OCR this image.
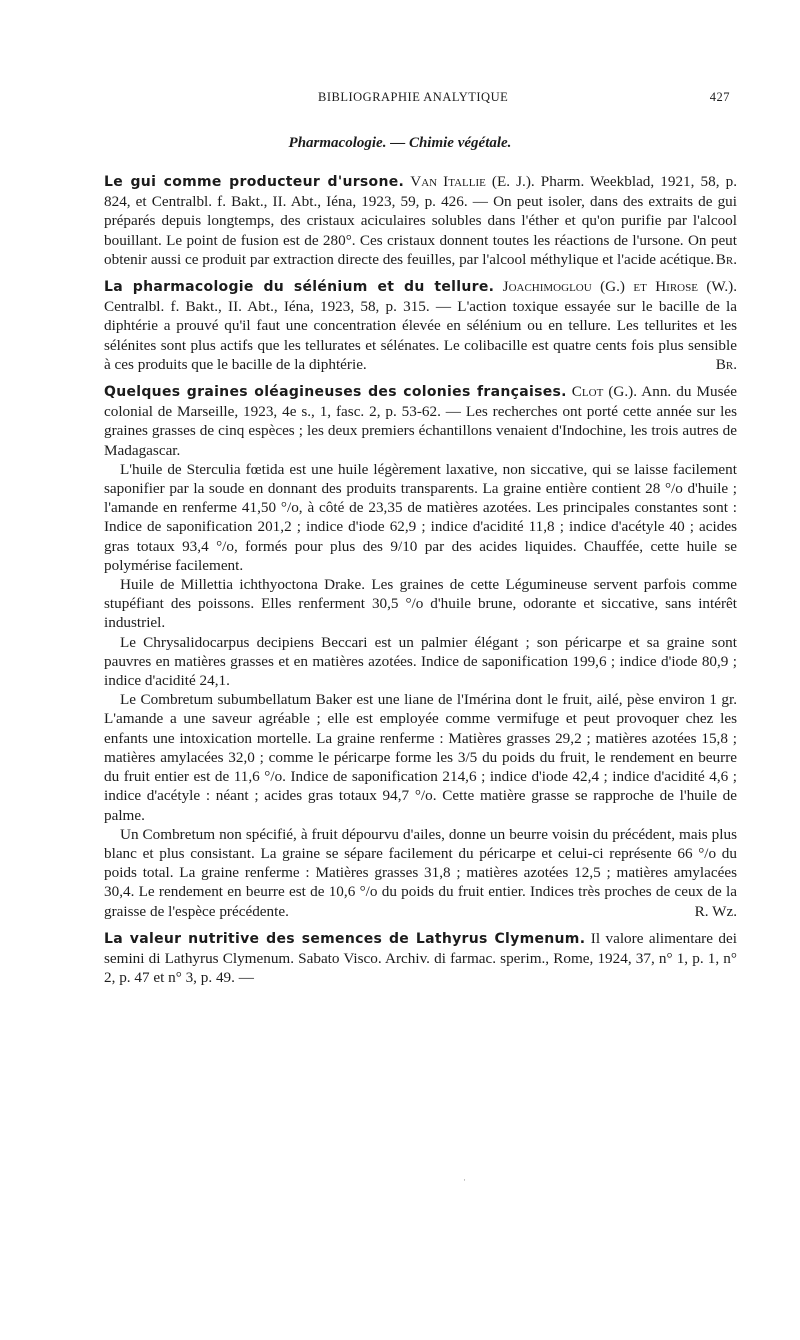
BIBLIOGRAPHIE ANALYTIQUE	427
Pharmacologie. — Chimie végétale.

Le gui comme producteur d'ursone. Van Itallie (E. J.). Pharm. Weekblad, 1921, 58, p. 824, et Centralbl. f. Bakt., II. Abt., Iéna, 1923, 59, p. 426. — On peut isoler, dans des extraits de gui préparés depuis longtemps, des cristaux aciculaires solubles dans l'éther et qu'on purifie par l'alcool bouillant. Le point de fusion est de 280°. Ces cristaux donnent toutes les réactions de l'ursone. On peut obtenir aussi ce produit par extraction directe des feuilles, par l'alcool méthylique et l'acide acétique. Br.

La pharmacologie du sélénium et du tellure. Joachimoglou (G.) et Hirose (W.). Centralbl. f. Bakt., II. Abt., Iéna, 1923, 58, p. 315. — L'action toxique essayée sur le bacille de la diphtérie a prouvé qu'il faut une concentration élevée en sélénium ou en tellure. Les tellurites et les sélénites sont plus actifs que les tellurates et sélénates. Le colibacille est quatre cents fois plus sensible à ces produits que le bacille de la diphtérie.	Br.

Quelques graines oléagineuses des colonies françaises. Clot (G.). Ann. du Musée colonial de Marseille, 1923, 4e s., 1, fasc. 2, p. 53-62. — Les recherches ont porté cette année sur les graines grasses de cinq espèces ; les deux premiers échantillons venaient d'Indochine, les trois autres de Madagascar.

L'huile de Sterculia fœtida est une huile légèrement laxative, non siccative, qui se laisse facilement saponifier par la soude en donnant des produits transparents. La graine entière contient 28 °/o d'huile ; l'amande en renferme 41,50 °/o, à côté de 23,35 de matières azotées. Les principales constantes sont : Indice de saponification 201,2 ; indice d'iode 62,9 ; indice d'acidité 11,8 ; indice d'acétyle 40 ; acides gras totaux 93,4 °/o, formés pour plus des 9/10 par des acides liquides. Chauffée, cette huile se polymérise facilement.

Huile de Millettia ichthyoctona Drake. Les graines de cette Légumineuse servent parfois comme stupéfiant des poissons. Elles renferment 30,5 °/o d'huile brune, odorante et siccative, sans intérêt industriel.

Le Chrysalidocarpus decipiens Beccari est un palmier élégant ; son péricarpe et sa graine sont pauvres en matières grasses et en matières azotées. Indice de saponification 199,6 ; indice d'iode 80,9 ; indice d'acidité 24,1.

Le Combretum subumbellatum Baker est une liane de l'Imérina dont le fruit, ailé, pèse environ 1 gr. L'amande a une saveur agréable ; elle est employée comme vermifuge et peut provoquer chez les enfants une intoxication mortelle. La graine renferme : Matières grasses 29,2 ; matières azotées 15,8 ; matières amylacées 32,0 ; comme le péricarpe forme les 3/5 du poids du fruit, le rendement en beurre du fruit entier est de 11,6 °/o. Indice de saponification 214,6 ; indice d'iode 42,4 ; indice d'acidité 4,6 ; indice d'acétyle : néant ; acides gras totaux 94,7 °/o. Cette matière grasse se rapproche de l'huile de palme.

Un Combretum non spécifié, à fruit dépourvu d'ailes, donne un beurre voisin du précédent, mais plus blanc et plus consistant. La graine se sépare facilement du péricarpe et celui-ci représente 66 °/o du poids total. La graine renferme : Matières grasses 31,8 ; matières azotées 12,5 ; matières amylacées 30,4. Le rendement en beurre est de 10,6 °/o du poids du fruit entier. Indices très proches de ceux de la graisse de l'espèce précédente.	R. Wz.

La valeur nutritive des semences de Lathyrus Clymenum. Il valore alimentare dei semini di Lathyrus Clymenum. Sabato Visco. Archiv. di farmac. sperim., Rome, 1924, 37, n° 1, p. 1, n° 2, p. 47 et n° 3, p. 49. —

·
